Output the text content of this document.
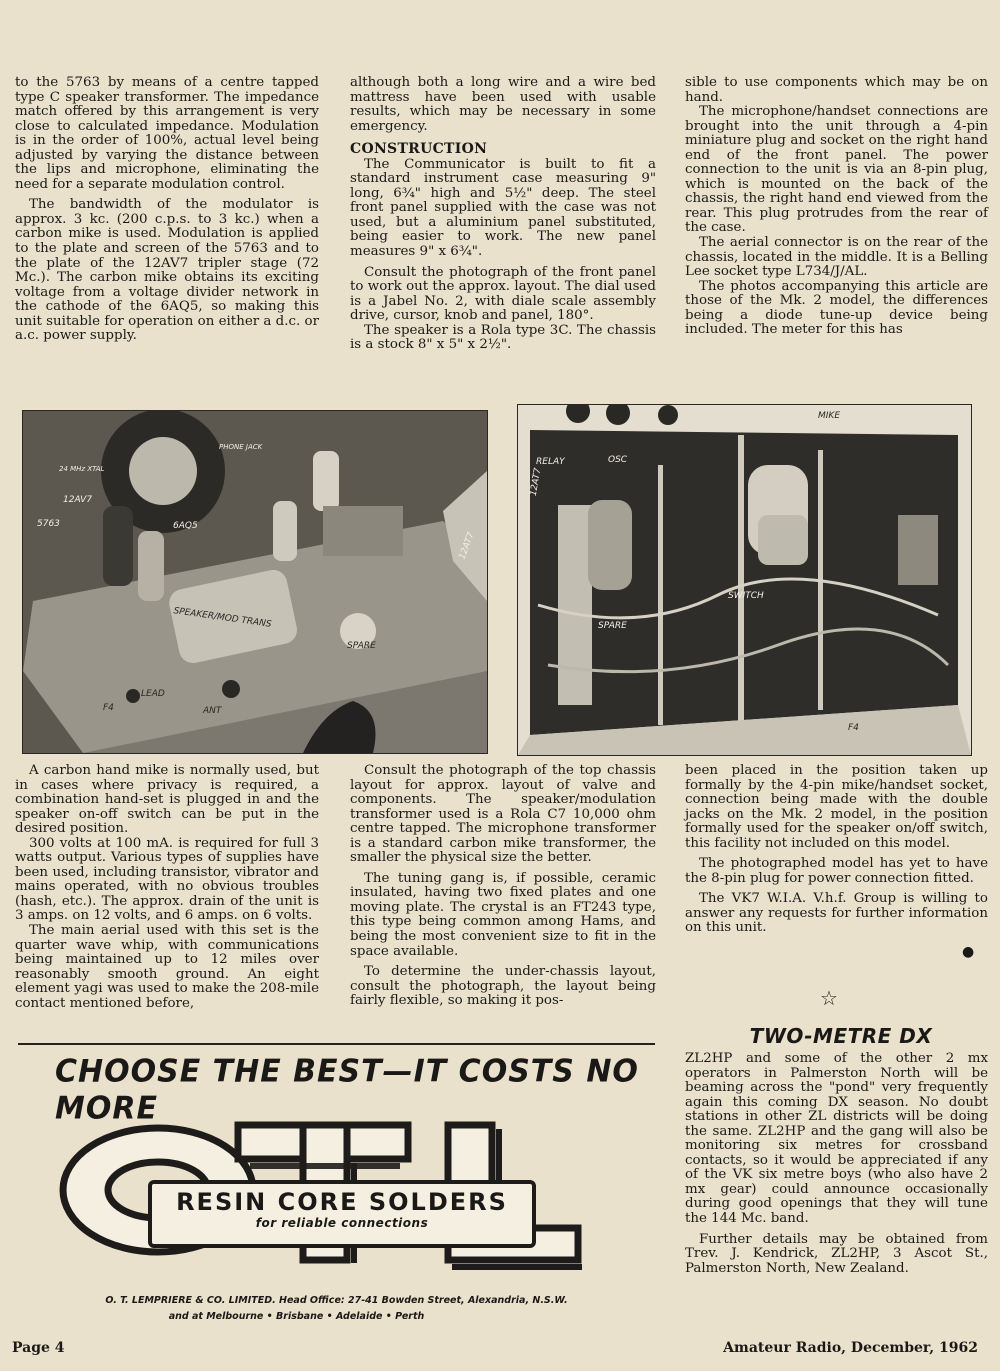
to the 5763 by means of a centre tapped type C speaker transformer. The impedance match offered by this arrangement is very close to calculated impedance. Modulation is in the order of 100%, actual level being adjusted by varying the distance between the lips and microphone, eliminating the need for a separate modulation control.

The bandwidth of the modulator is approx. 3 kc. (200 c.p.s. to 3 kc.) when a carbon mike is used. Modulation is applied to the plate and screen of the 5763 and to the plate of the 12AV7 tripler stage (72 Mc.). The carbon mike obtains its exciting voltage from a voltage divider network in the cathode of the 6AQ5, so making this unit suitable for operation on either a d.c. or a.c. power supply.

although both a long wire and a wire bed mattress have been used with usable results, which may be necessary in some emergency.

CONSTRUCTION

The Communicator is built to fit a standard instrument case measuring 9" long, 6¾" high and 5½" deep. The steel front panel supplied with the case was not used, but a aluminium panel substituted, being easier to work. The new panel measures 9" x 6¾".

Consult the photograph of the front panel to work out the approx. layout. The dial used is a Jabel No. 2, with diale scale assembly drive, cursor, knob and panel, 180°.

The speaker is a Rola type 3C. The chassis is a stock 8" x 5" x 2½".

sible to use components which may be on hand.

The microphone/handset connections are brought into the unit through a 4-pin miniature plug and socket on the right hand end of the front panel. The power connection to the unit is via an 8-pin plug, which is mounted on the back of the chassis, the right hand end viewed from the rear. This plug protrudes from the rear of the case.

The aerial connector is on the rear of the chassis, located in the middle. It is a Belling Lee socket type L734/J/AL.

The photos accompanying this article are those of the Mk. 2 model, the differences being a diode tune-up device being included. The meter for this has

5763
24 MHz XTAL
12AV7
6AQ5
SPEAKER/MOD TRANS
PHONE JACK
12AT7
SPARE
LEAD
ANT
F4
12AT7
RELAY	OSC
MIKE
SPARE
SWITCH
F4

A carbon hand mike is normally used, but in cases where privacy is required, a combination hand-set is plugged in and the speaker on-off switch can be put in the desired position.

300 volts at 100 mA. is required for full 3 watts output. Various types of supplies have been used, including transistor, vibrator and mains operated, with no obvious troubles (hash, etc.). The approx. drain of the unit is 3 amps. on 12 volts, and 6 amps. on 6 volts.

The main aerial used with this set is the quarter wave whip, with communications being maintained up to 12 miles over reasonably smooth ground. An eight element yagi was used to make the 208-mile contact mentioned before,

Consult the photograph of the top chassis layout for approx. layout of valve and components. The speaker/modulation transformer used is a Rola C7 10,000 ohm centre tapped. The microphone transformer is a standard carbon mike transformer, the smaller the physical size the better.

The tuning gang is, if possible, ceramic insulated, having two fixed plates and one moving plate. The crystal is an FT243 type, this type being common among Hams, and being the most convenient size to fit in the space available.

To determine the under-chassis layout, consult the photograph, the layout being fairly flexible, so making it pos-

been placed in the position taken up formally by the 4-pin mike/handset socket, connection being made with the double jacks on the Mk. 2 model, in the position formally used for the speaker on/off switch, this facility not included on this model.

The photographed model has yet to have the 8-pin plug for power connection fitted.

The VK7 W.I.A. V.h.f. Group is willing to answer any requests for further information on this unit.

●
☆
TWO-METRE DX

ZL2HP and some of the other 2 mx operators in Palmerston North will be beaming across the "pond" very frequently again this coming DX season. No doubt stations in other ZL districts will be doing the same. ZL2HP and the gang will also be monitoring six metres for crossband contacts, so it would be appreciated if any of the VK six metre boys (who also have 2 mx gear) could announce occasionally during good openings that they will tune the 144 Mc. band.

Further details may be obtained from Trev. J. Kendrick, ZL2HP, 3 Ascot St., Palmerston North, New Zealand.

CHOOSE THE BEST—IT COSTS NO MORE
RESIN CORE SOLDERS
for reliable connections
O. T. LEMPRIERE & CO. LIMITED. Head Office: 27-41 Bowden Street, Alexandria, N.S.W.
and at Melbourne • Brisbane • Adelaide • Perth
Page 4	Amateur Radio, December, 1962
